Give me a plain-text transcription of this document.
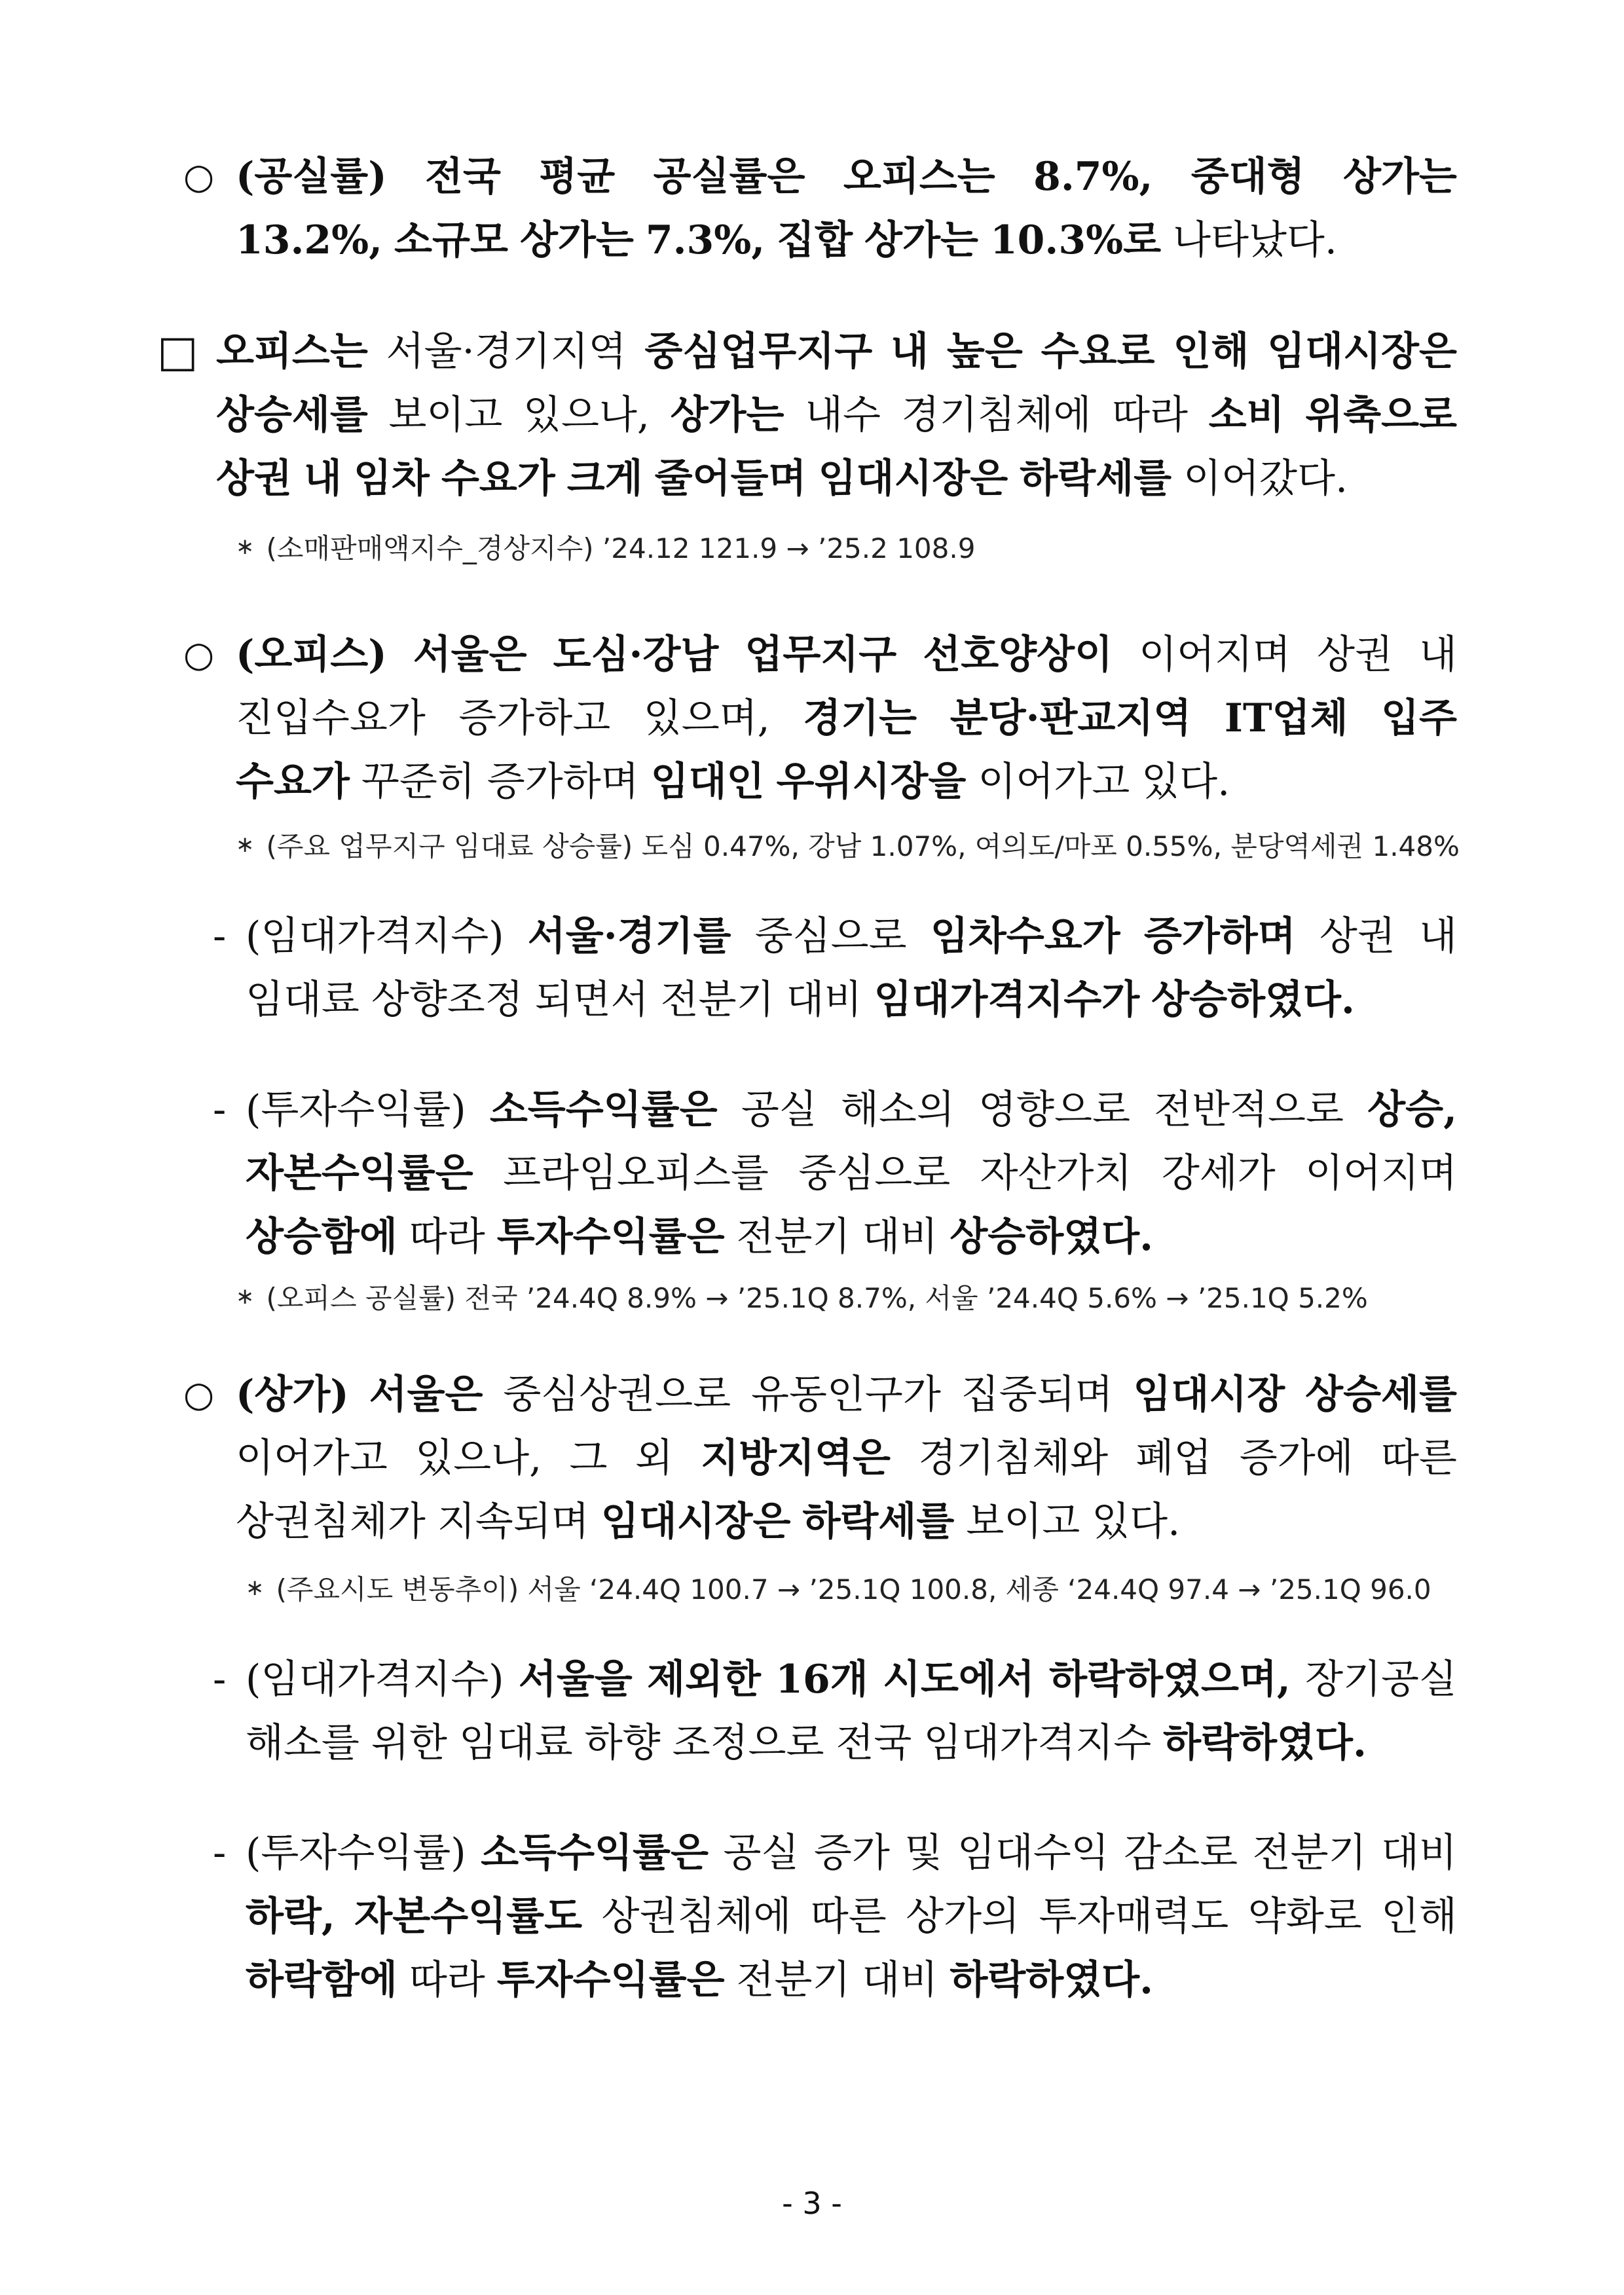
○ (공실률) 전국 평균 공실률은 오피스는 8.7%, 중대형 상가는
13.2%, 소규모 상가는 7.3%, 집합 상가는 10.3%로 나타났다.
□ 오피스는 서울·경기지역 중심업무지구 내 높은 수요로 인해 임대시장은
상승세를 보이고 있으나, 상가는 내수 경기침체에 따라 소비 위축으로
상권 내 임차 수요가 크게 줄어들며 임대시장은 하락세를 이어갔다.
∗ (소매판매액지수_경상지수) ’24.12 121.9 → ’25.2 108.9
○ (오피스) 서울은 도심·강남 업무지구 선호양상이 이어지며 상권 내
진입수요가 증가하고 있으며, 경기는 분당·판교지역 IT업체 입주
수요가 꾸준히 증가하며 임대인 우위시장을 이어가고 있다.
∗ (주요 업무지구 임대료 상승률) 도심 0.47%, 강남 1.07%, 여의도/마포 0.55%, 분당역세권 1.48%
- (임대가격지수) 서울·경기를 중심으로 임차수요가 증가하며 상권 내
임대료 상향조정 되면서 전분기 대비 임대가격지수가 상승하였다.
- (투자수익률) 소득수익률은 공실 해소의 영향으로 전반적으로 상승,
자본수익률은 프라임오피스를 중심으로 자산가치 강세가 이어지며
상승함에 따라 투자수익률은 전분기 대비 상승하였다.
∗ (오피스 공실률) 전국 ’24.4Q 8.9% → ’25.1Q 8.7%, 서울 ’24.4Q 5.6% → ’25.1Q 5.2%
○ (상가) 서울은 중심상권으로 유동인구가 집중되며 임대시장 상승세를
이어가고 있으나, 그 외 지방지역은 경기침체와 폐업 증가에 따른
상권침체가 지속되며 임대시장은 하락세를 보이고 있다.
∗ (주요시도 변동추이) 서울 ‘24.4Q 100.7 → ’25.1Q 100.8, 세종 ‘24.4Q 97.4 → ’25.1Q 96.0
- (임대가격지수) 서울을 제외한 16개 시도에서 하락하였으며, 장기공실
해소를 위한 임대료 하향 조정으로 전국 임대가격지수 하락하였다.
- (투자수익률) 소득수익률은 공실 증가 및 임대수익 감소로 전분기 대비
하락, 자본수익률도 상권침체에 따른 상가의 투자매력도 약화로 인해
하락함에 따라 투자수익률은 전분기 대비 하락하였다.
- 3 -
